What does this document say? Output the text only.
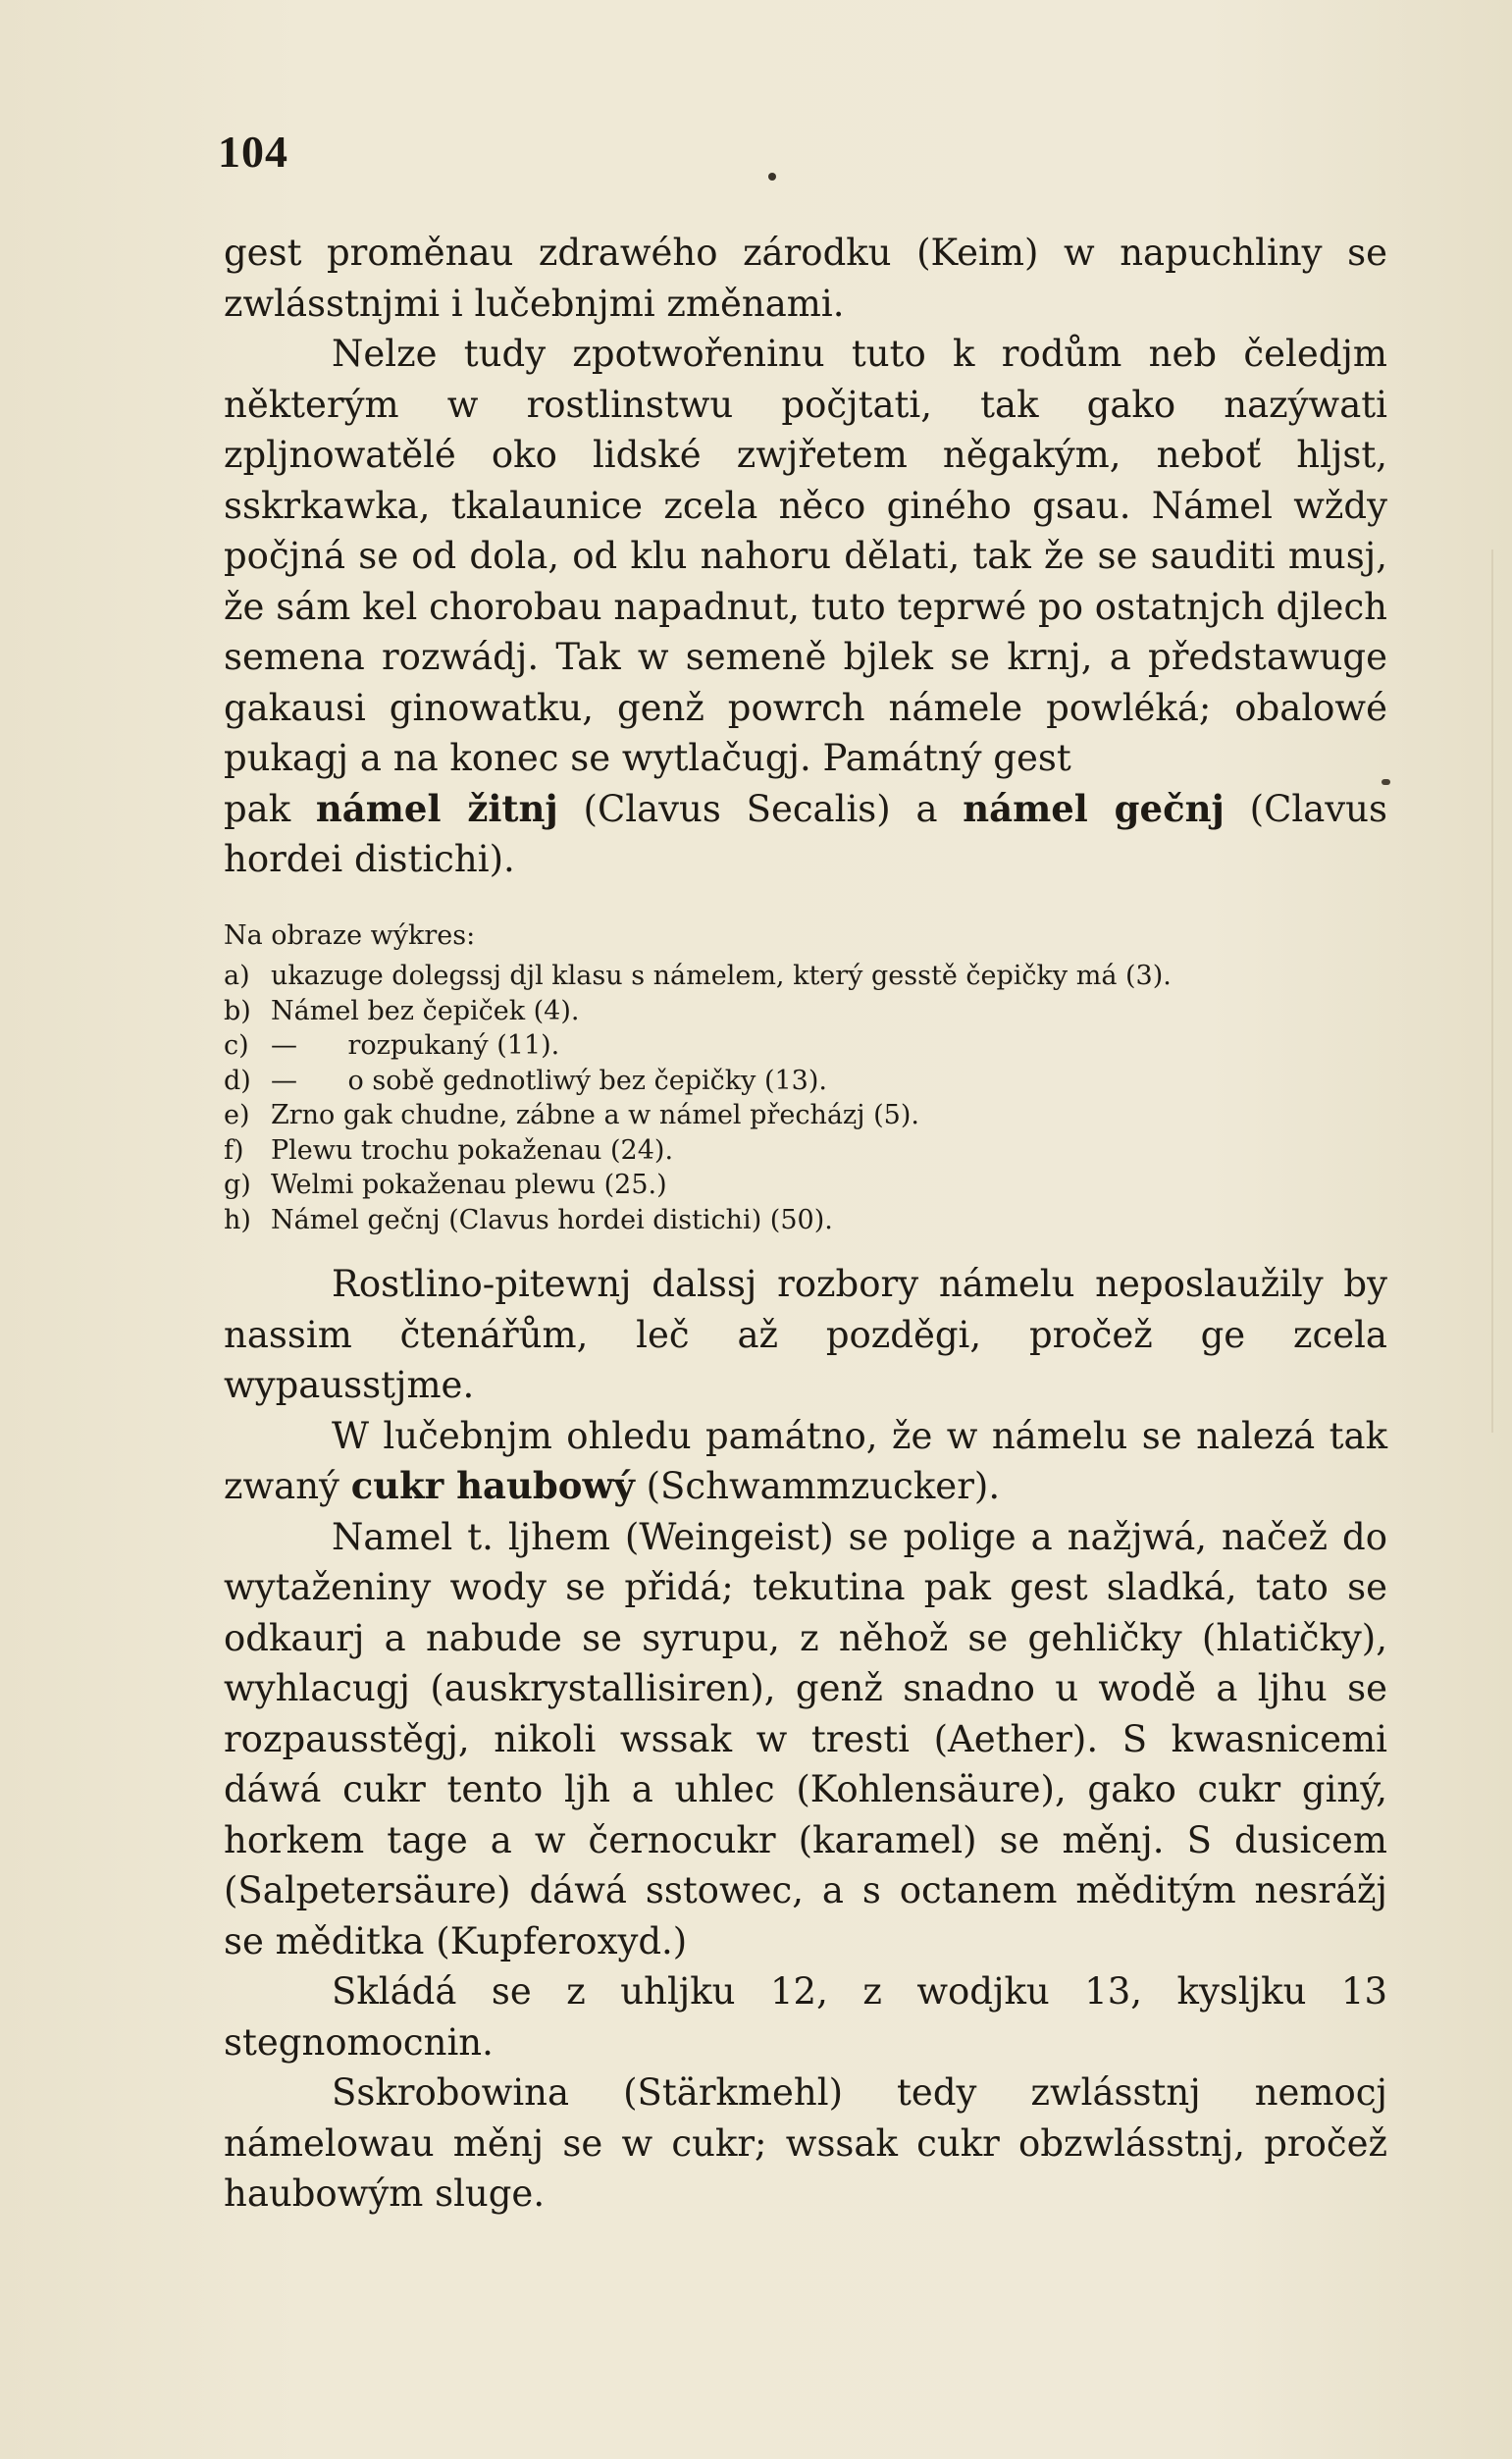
104

gest proměnau zdrawého zárodku (Keim) w napuchliny se zwlásstnjmi i lučebnjmi změnami.

Nelze tudy zpotwořeninu tuto k rodům neb čeledjm některým w rostlinstwu počjtati, tak gako nazýwati zpljnowatělé oko lidské zwjřetem něgakým, neboť hljst, sskrkawka, tkalaunice zcela něco giného gsau. Námel wždy počjná se od dola, od klu nahoru dělati, tak že se sauditi musj, že sám kel chorobau napadnut, tuto teprwé po ostatnjch djlech semena rozwádj. Tak w semeně bjlek se krnj, a předstawuge gakausi ginowatku, genž powrch námele powléká; obalowé pukagj a na konec se wytlačugj. Památný gest

pak námel žitnj (Clavus Secalis) a námel gečnj (Clavus hordei distichi).

Na obraze wýkres:
a) ukazuge dolegssj djl klasu s námelem, který gesstě čepičky má (3).
b) Námel bez čepiček (4).
c) —      rozpukaný (11).
d) —      o sobě gednotliwý bez čepičky (13).
e) Zrno gak chudne, zábne a w námel přecházj (5).
f)	Plewu trochu pokaženau (24).
g) Welmi pokaženau plewu (25.)
h) Námel gečnj (Clavus hordei distichi) (50).

Rostlino-pitewnj dalssj rozbory námelu neposlaužily by nassim čtenářům, leč až pozděgi, pročež ge zcela wypausstjme.

W lučebnjm ohledu památno, že w námelu se nalezá tak zwaný cukr haubowý (Schwammzucker).

Namel t. ljhem (Weingeist) se polige a nažjwá, načež do wytaženiny wody se přidá; tekutina pak gest sladká, tato se odkaurj a nabude se syrupu, z něhož se gehličky (hlatičky), wyhlacugj (auskrystallisiren), genž snadno u wodě a ljhu se rozpausstěgj, nikoli wssak w tresti (Aether). S kwasnicemi dáwá cukr tento ljh a uhlec (Kohlensäure), gako cukr giný, horkem tage a w černocukr (karamel) se měnj. S dusicem (Salpetersäure) dáwá sstowec, a s octanem měditým nesrážj se měditka (Kupferoxyd.)

Skládá se z uhljku 12, z wodjku 13, kysljku 13 stegnomocnin.

Sskrobowina (Stärkmehl) tedy zwlásstnj nemocj námelowau měnj se w cukr; wssak cukr obzwlásstnj, pročež haubowým sluge.
